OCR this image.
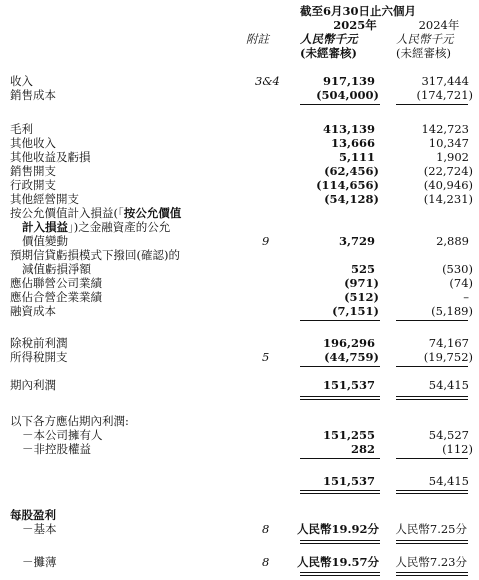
截至6月30日止六個月
2025年	2024年
附註	人民幣千元	人民幣千元
(未經審核)	(未經審核)
收入	3&4	917,139	317,444
銷售成本	(504,000)	(174,721)
毛利	413,139	142,723
其他收入	13,666	10,347
其他收益及虧損	5,111	1,902
銷售開支	(62,456)	(22,724)
行政開支	(114,656)	(40,946)
其他經營開支	(54,128)	(14,231)
按公允價值計入損益(「按公允價值
計入損益」)之金融資產的公允
價值變動	9	3,729	2,889
預期信貸虧損模式下撥回(確認)的
減值虧損淨額	525	(530)
應佔聯營公司業績	(971)	(74)
應佔合營企業業績	(512)	–
融資成本	(7,151)	(5,189)
除稅前利潤	196,296	74,167
所得稅開支	5	(44,759)	(19,752)
期內利潤	151,537	54,415
以下各方應佔期內利潤:
－本公司擁有人	151,255	54,527
－非控股權益	282	(112)
151,537	54,415
每股盈利
－基本	8 人民幣19.92分 人民幣7.25分
－攤薄	8 人民幣19.57分 人民幣7.23分
